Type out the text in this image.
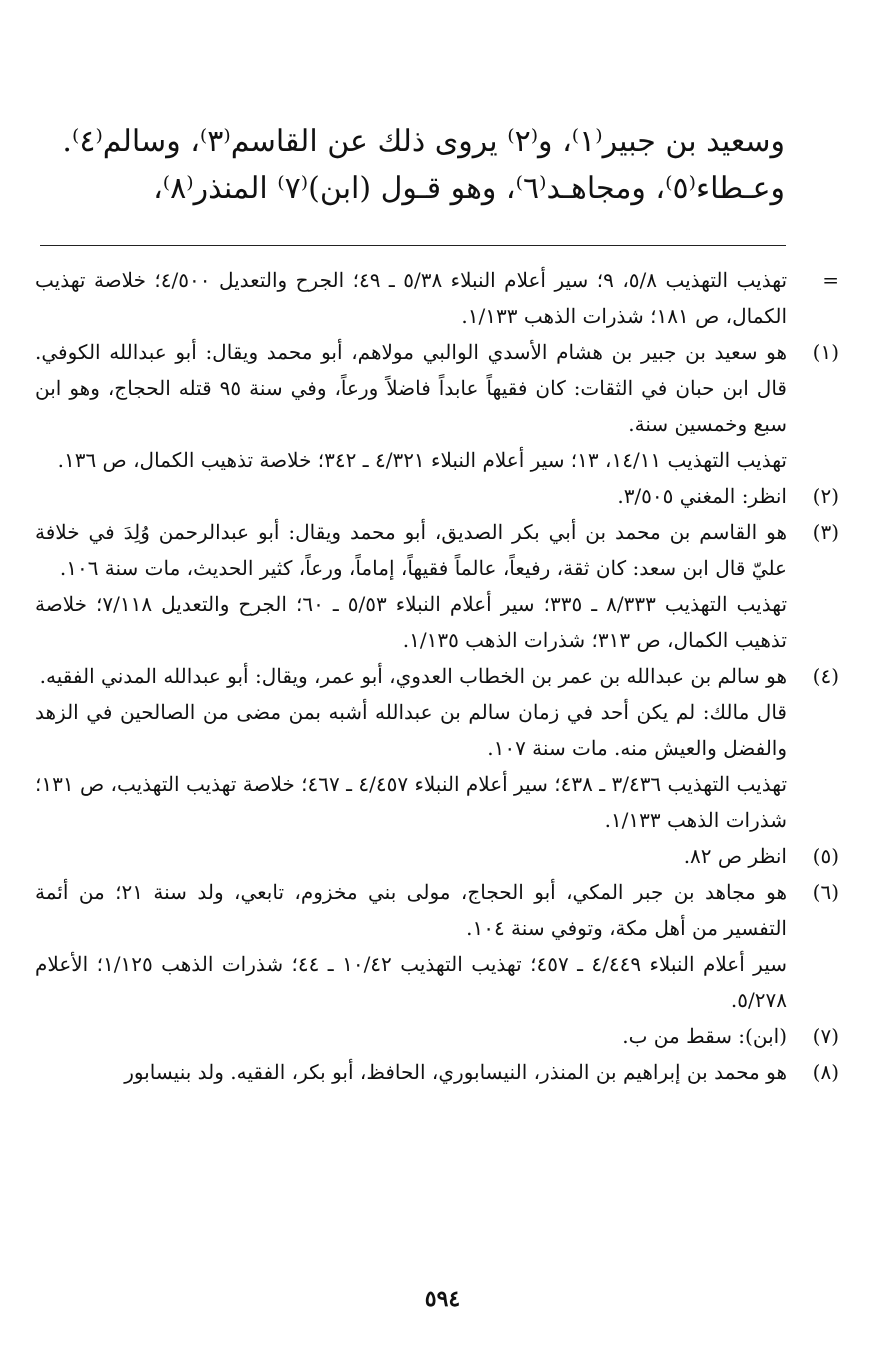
وسعيد بن جبير⁽١⁾، و⁽٢⁾ يروى ذلك عن القاسم⁽٣⁾، وسالم⁽٤⁾.
وعـطاء⁽٥⁾، ومجاهـد⁽٦⁾، وهو قـول (ابن)⁽٧⁾ المنذر⁽٨⁾،
=

تهذيب التهذيب ٥/٨، ٩؛ سير أعلام النبلاء ٥/٣٨ ـ ٤٩؛ الجرح والتعديل ٤/٥٠٠؛ خلاصة تهذيب الكمال، ص ١٨١؛ شذرات الذهب ١/١٣٣.

(١)

هو سعيد بن جبير بن هشام الأسدي الوالبي مولاهم، أبو محمد ويقال: أبو عبدالله الكوفي. قال ابن حبان في الثقات: كان فقيهاً عابداً فاضلاً ورعاً، وفي سنة ٩٥ قتله الحجاج، وهو ابن سبع وخمسين سنة.

تهذيب التهذيب ١٤/١١، ١٣؛ سير أعلام النبلاء ٤/٣٢١ ـ ٣٤٢؛ خلاصة تذهيب الكمال، ص ١٣٦.

(٢)

انظر: المغني ٣/٥٠٥.

(٣)

هو القاسم بن محمد بن أبي بكر الصديق، أبو محمد ويقال: أبو عبدالرحمن وُلِدَ في خلافة عليّ قال ابن سعد: كان ثقة، رفيعاً، عالماً فقيهاً، إماماً، ورعاً، كثير الحديث، مات سنة ١٠٦.

تهذيب التهذيب ٨/٣٣٣ ـ ٣٣٥؛ سير أعلام النبلاء ٥/٥٣ ـ ٦٠؛ الجرح والتعديل ٧/١١٨؛ خلاصة تذهيب الكمال، ص ٣١٣؛ شذرات الذهب ١/١٣٥.

(٤)

هو سالم بن عبدالله بن عمر بن الخطاب العدوي، أبو عمر، ويقال: أبو عبدالله المدني الفقيه.

قال مالك: لم يكن أحد في زمان سالم بن عبدالله أشبه بمن مضى من الصالحين في الزهد والفضل والعيش منه. مات سنة ١٠٧.

تهذيب التهذيب ٣/٤٣٦ ـ ٤٣٨؛ سير أعلام النبلاء ٤/٤٥٧ ـ ٤٦٧؛ خلاصة تهذيب التهذيب، ص ١٣١؛ شذرات الذهب ١/١٣٣.

(٥)

انظر ص ٨٢.

(٦)

هو مجاهد بن جبر المكي، أبو الحجاج، مولى بني مخزوم، تابعي، ولد سنة ٢١؛ من أئمة التفسير من أهل مكة، وتوفي سنة ١٠٤.

سير أعلام النبلاء ٤/٤٤٩ ـ ٤٥٧؛ تهذيب التهذيب ١٠/٤٢ ـ ٤٤؛ شذرات الذهب ١/١٢٥؛ الأعلام ٥/٢٧٨.

(٧)

(ابن): سقط من ب.

(٨)

هو محمد بن إبراهيم بن المنذر، النيسابوري، الحافظ، أبو بكر، الفقيه. ولد بنيسابور

٥٩٤
